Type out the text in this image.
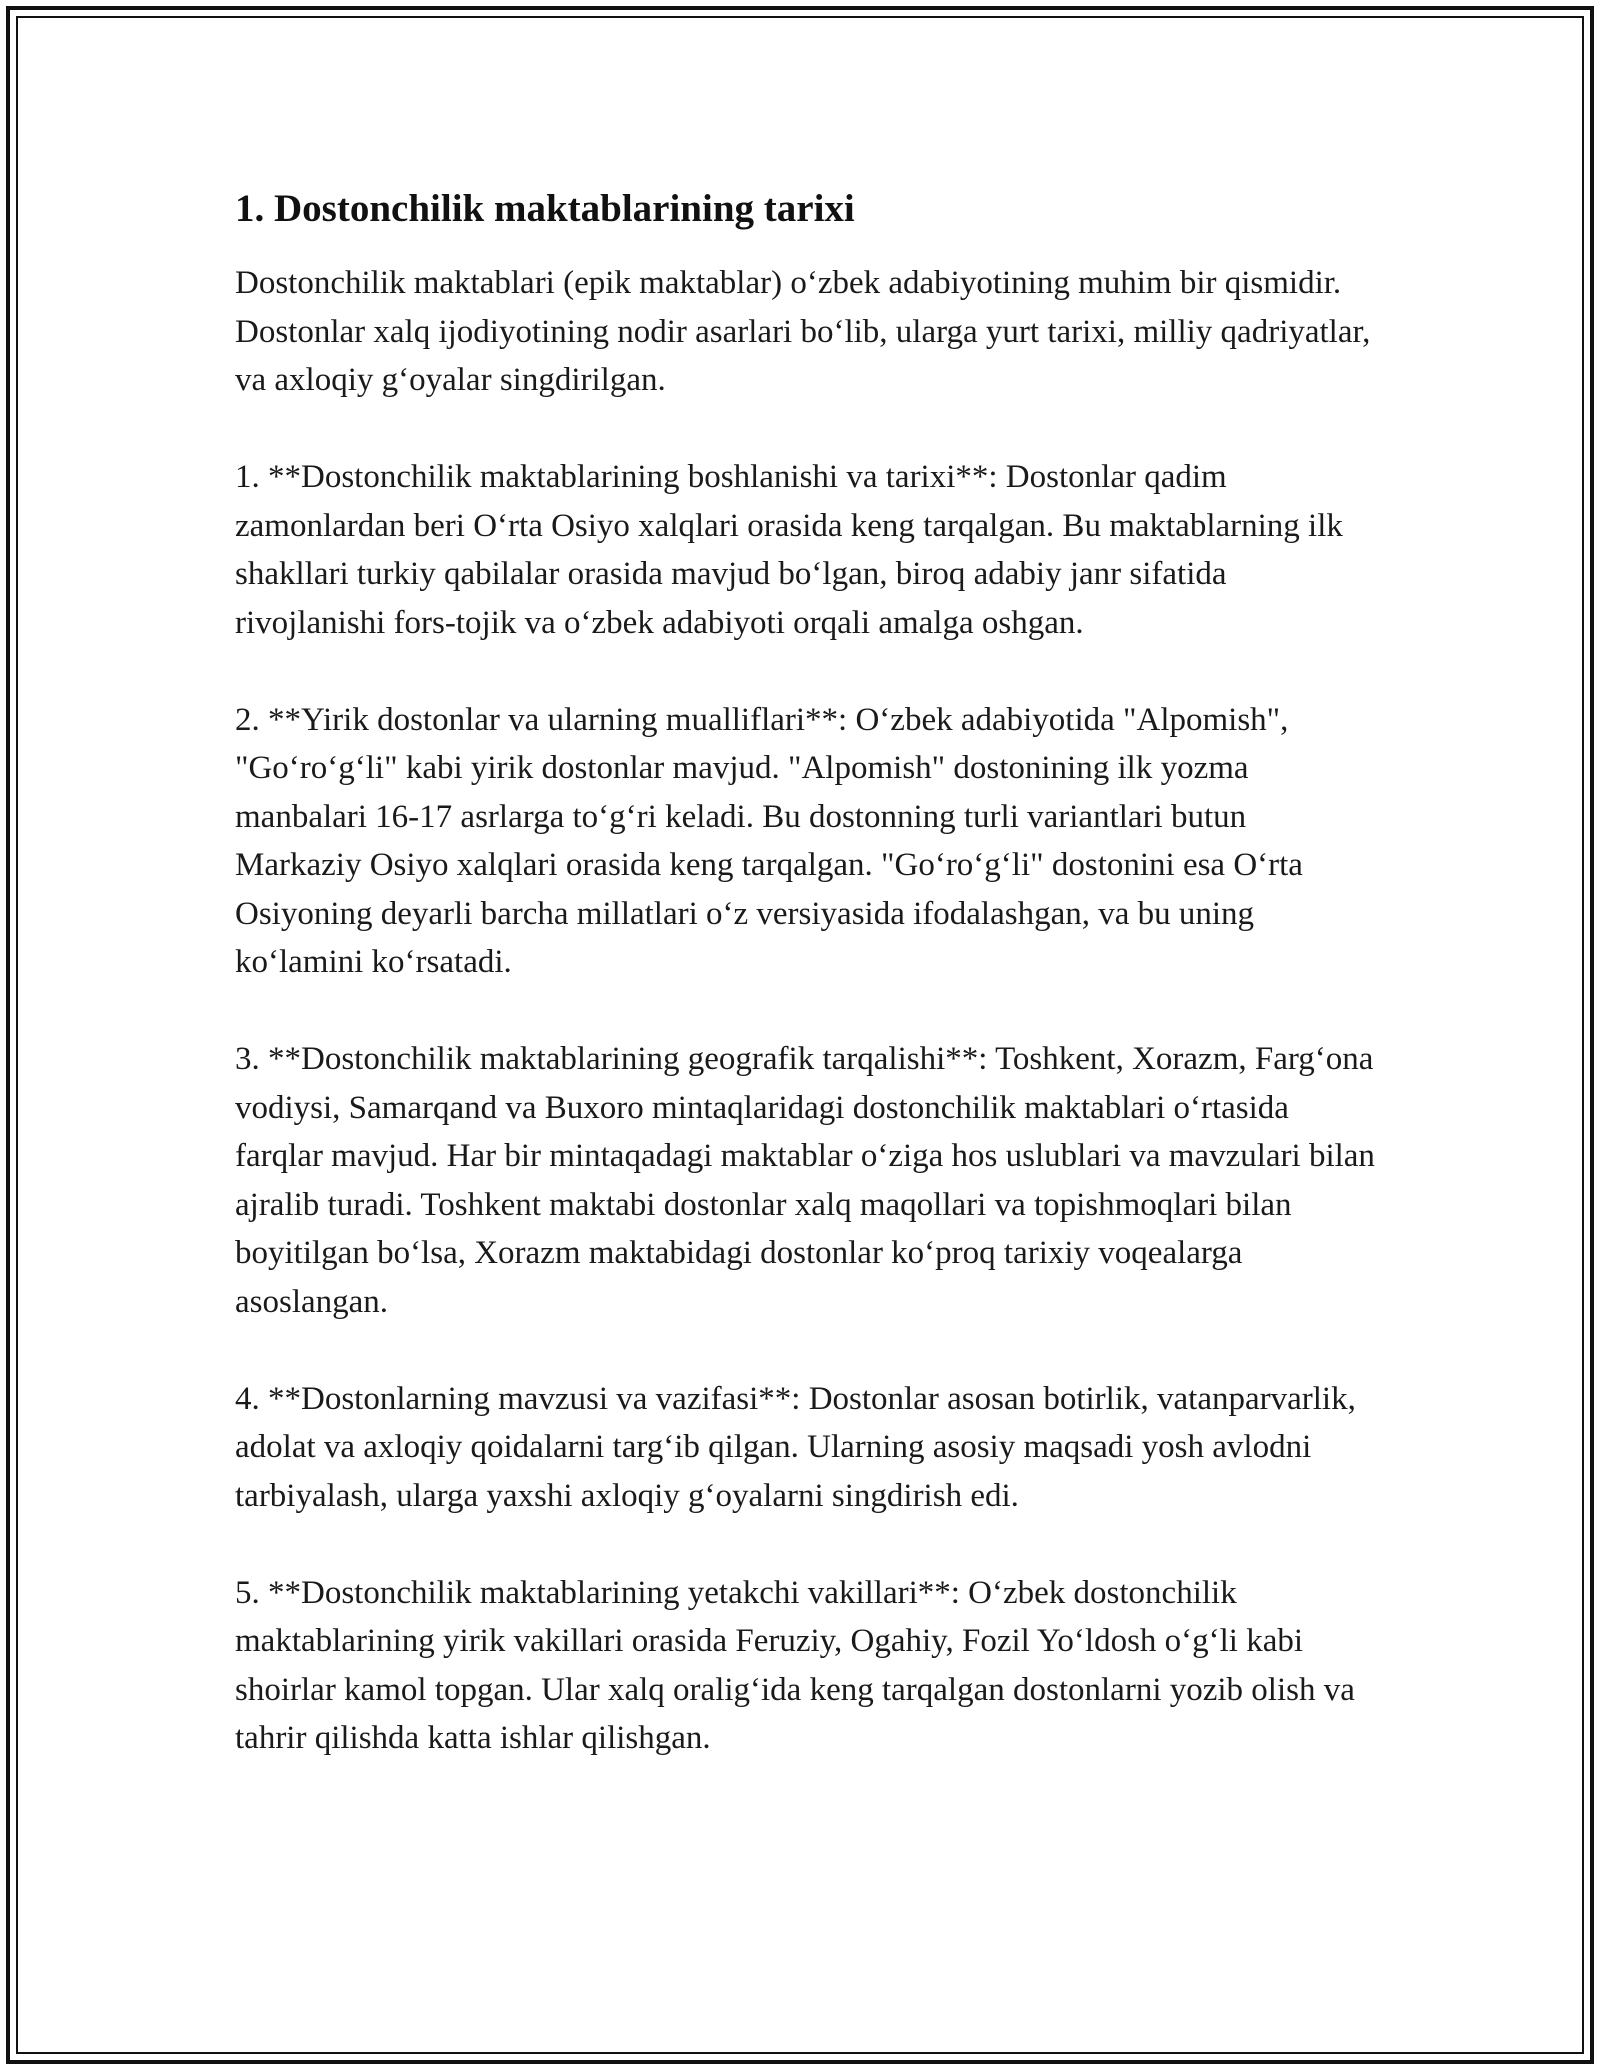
1. Dostonchilik maktablarining tarixi

Dostonchilik maktablari (epik maktablar) oʻzbek adabiyotining muhim bir qismidir. Dostonlar xalq ijodiyotining nodir asarlari boʻlib, ularga yurt tarixi, milliy qadriyatlar, va axloqiy gʻoyalar singdirilgan.

1. **Dostonchilik maktablarining boshlanishi va tarixi**: Dostonlar qadim zamonlardan beri Oʻrta Osiyo xalqlari orasida keng tarqalgan. Bu maktablarning ilk shakllari turkiy qabilalar orasida mavjud boʻlgan, biroq adabiy janr sifatida rivojlanishi fors-tojik va oʻzbek adabiyoti orqali amalga oshgan.

2. **Yirik dostonlar va ularning mualliflari**: Oʻzbek adabiyotida "Alpomish", "Goʻroʻgʻli" kabi yirik dostonlar mavjud. "Alpomish" dostonining ilk yozma manbalari 16-17 asrlarga toʻgʻri keladi. Bu dostonning turli variantlari butun Markaziy Osiyo xalqlari orasida keng tarqalgan. "Goʻroʻgʻli" dostonini esa Oʻrta Osiyoning deyarli barcha millatlari oʻz versiyasida ifodalashgan, va bu uning koʻlamini koʻrsatadi.

3. **Dostonchilik maktablarining geografik tarqalishi**: Toshkent, Xorazm, Fargʻona vodiysi, Samarqand va Buxoro mintaqlaridagi dostonchilik maktablari oʻrtasida farqlar mavjud. Har bir mintaqadagi maktablar oʻziga hos uslublari va mavzulari bilan ajralib turadi. Toshkent maktabi dostonlar xalq maqollari va topishmoqlari bilan boyitilgan boʻlsa, Xorazm maktabidagi dostonlar koʻproq tarixiy voqealarga asoslangan.

4. **Dostonlarning mavzusi va vazifasi**: Dostonlar asosan botirlik, vatanparvarlik, adolat va axloqiy qoidalarni targʻib qilgan. Ularning asosiy maqsadi yosh avlodni tarbiyalash, ularga yaxshi axloqiy gʻoyalarni singdirish edi.

5. **Dostonchilik maktablarining yetakchi vakillari**: Oʻzbek dostonchilik maktablarining yirik vakillari orasida Feruziy, Ogahiy, Fozil Yoʻldosh oʻgʻli kabi shoirlar kamol topgan. Ular xalq oraligʻida keng tarqalgan dostonlarni yozib olish va tahrir qilishda katta ishlar qilishgan.
